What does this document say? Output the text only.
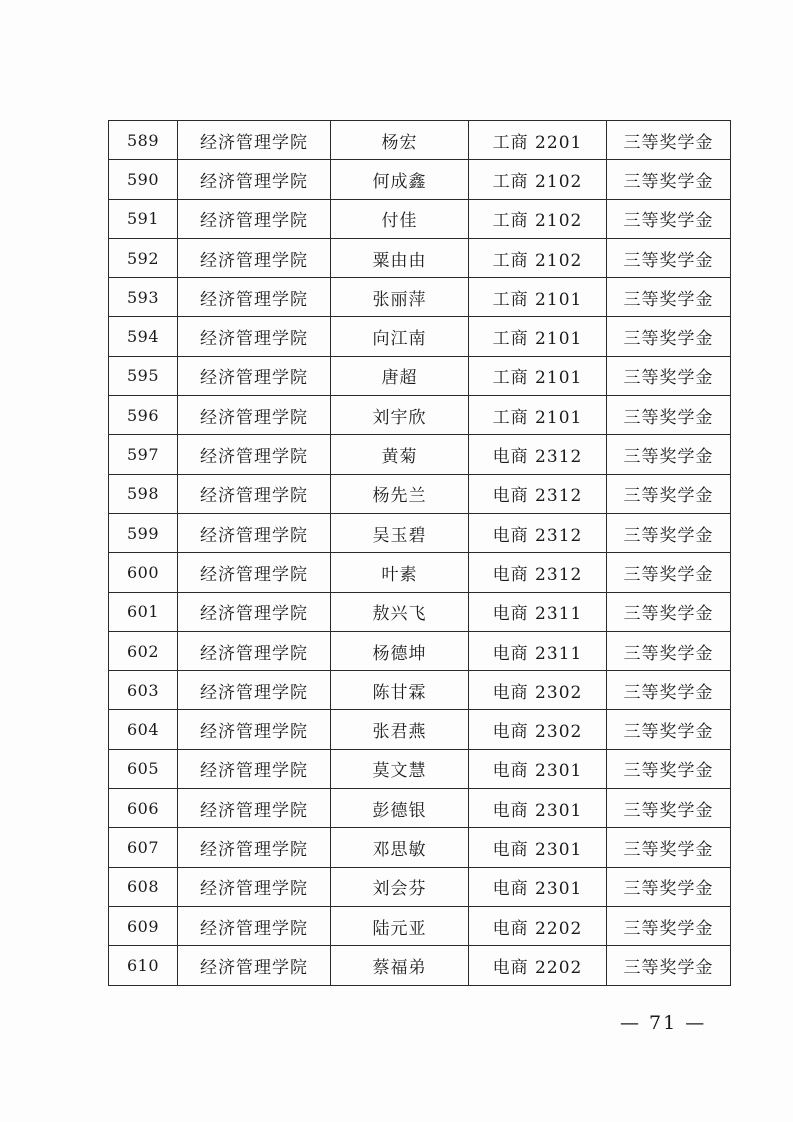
589	经济管理学院	杨宏	工商 2201	三等奖学金
590	经济管理学院	何成鑫	工商 2102	三等奖学金
591	经济管理学院	付佳	工商 2102	三等奖学金
592	经济管理学院	粟由由	工商 2102	三等奖学金
593	经济管理学院	张丽萍	工商 2101	三等奖学金
594	经济管理学院	向江南	工商 2101	三等奖学金
595	经济管理学院	唐超	工商 2101	三等奖学金
596	经济管理学院	刘宇欣	工商 2101	三等奖学金
597	经济管理学院	黄菊	电商 2312	三等奖学金
598	经济管理学院	杨先兰	电商 2312	三等奖学金
599	经济管理学院	吴玉碧	电商 2312	三等奖学金
600	经济管理学院	叶素	电商 2312	三等奖学金
601	经济管理学院	敖兴飞	电商 2311	三等奖学金
602	经济管理学院	杨德坤	电商 2311	三等奖学金
603	经济管理学院	陈甘霖	电商 2302	三等奖学金
604	经济管理学院	张君燕	电商 2302	三等奖学金
605	经济管理学院	莫文慧	电商 2301	三等奖学金
606	经济管理学院	彭德银	电商 2301	三等奖学金
607	经济管理学院	邓思敏	电商 2301	三等奖学金
608	经济管理学院	刘会芬	电商 2301	三等奖学金
609	经济管理学院	陆元亚	电商 2202	三等奖学金
610	经济管理学院	蔡福弟	电商 2202	三等奖学金
— 71 —
